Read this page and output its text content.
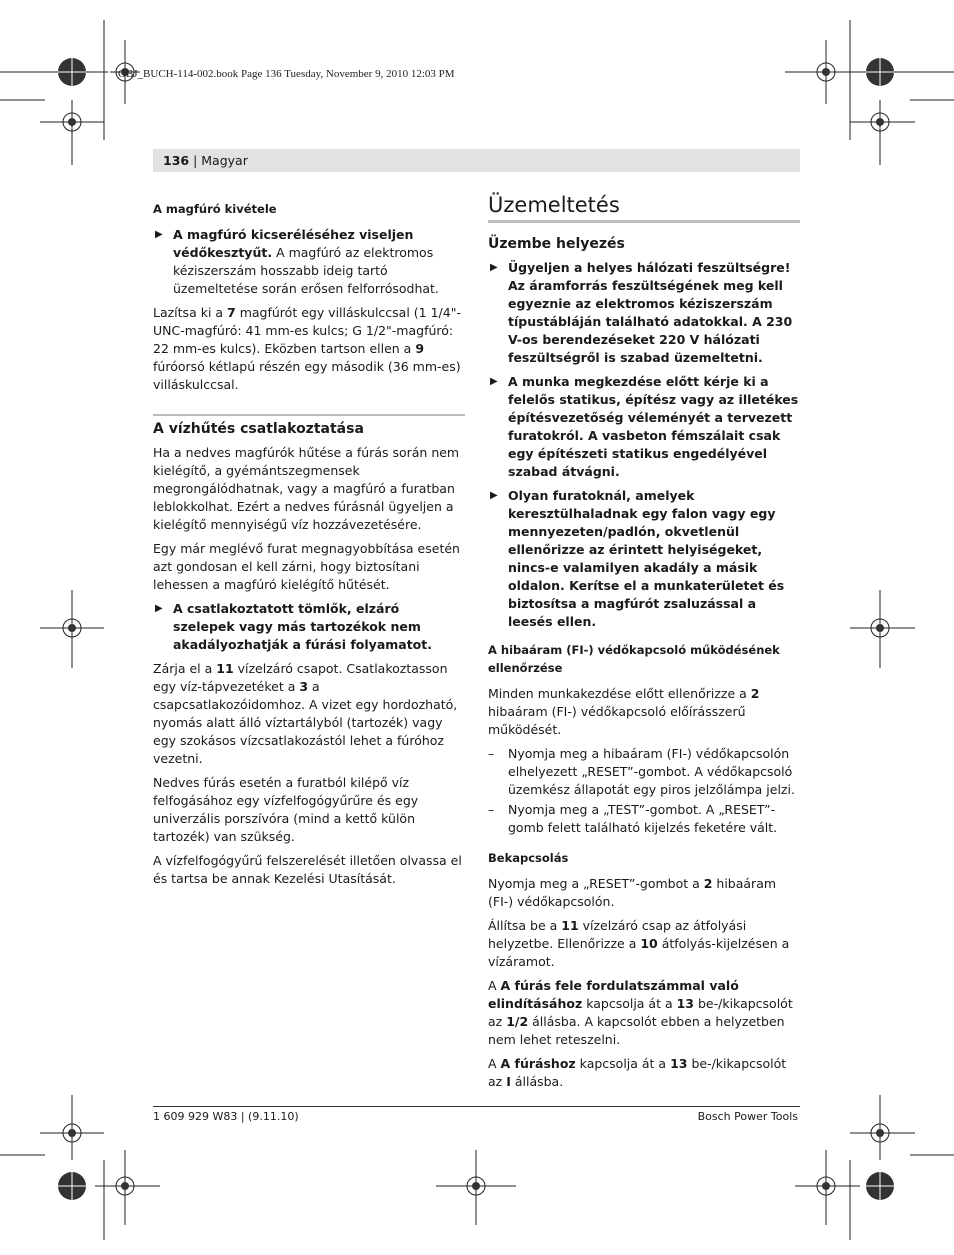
OBJ_BUCH-114-002.book Page 136 Tuesday, November 9, 2010 12:03 PM
136 | Magyar
A magfúró kivétele
▶ A magfúró kicseréléséhez viseljen védőkesztyűt. A magfúró az elektromos kéziszerszám hosszabb ideig tartó üzemeltetése során erősen felforrósodhat.

Lazítsa ki a 7 magfúrót egy villáskulccsal (1 1/4"-UNC-magfúró: 41 mm-es kulcs; G 1/2"-magfúró: 22 mm-es kulcs). Eközben tartson ellen a 9 fúróorsó kétlapú részén egy második (36 mm-es) villáskulccsal.

A vízhűtés csatlakoztatása

Ha a nedves magfúrók hűtése a fúrás során nem kielégítő, a gyémántszegmensek megrongálódhatnak, vagy a magfúró a furatban leblokkolhat. Ezért a nedves fúrásnál ügyeljen a kielégítő mennyiségű víz hozzávezetésére.

Egy már meglévő furat megnagyobbítása esetén azt gondosan el kell zárni, hogy biztosítani lehessen a magfúró kielégítő hűtését.

▶ A csatlakoztatott tömlők, elzáró szelepek vagy más tartozékok nem akadályozhatják a fúrási folyamatot.

Zárja el a 11 vízelzáró csapot. Csatlakoztasson egy víz-tápvezetéket a 3 a csapcsatlakozóidomhoz. A vizet egy hordozható, nyomás alatt álló víztartályból (tartozék) vagy egy szokásos vízcsatlakozástól lehet a fúróhoz vezetni.

Nedves fúrás esetén a furatból kilépő víz felfogásához egy vízfelfogógyűrűre és egy univerzális porszívóra (mind a kettő külön tartozék) van szükség.

A vízfelfogógyűrű felszerelését illetően olvassa el és tartsa be annak Kezelési Utasítását.

Üzemeltetés
Üzembe helyezés
▶ Ügyeljen a helyes hálózati feszültségre! Az áramforrás feszültségének meg kell egyeznie az elektromos kéziszerszám típustábláján található adatokkal. A 230 V-os berendezéseket 220 V hálózati feszültségről is szabad üzemeltetni.
▶ A munka megkezdése előtt kérje ki a felelős statikus, építész vagy az illetékes építésvezetőség véleményét a tervezett furatokról. A vasbeton fémszálait csak egy építészeti statikus engedélyével szabad átvágni.
▶ Olyan furatoknál, amelyek keresztülhaladnak egy falon vagy egy mennyezeten/padlón, okvetlenül ellenőrizze az érintett helyiségeket, nincs-e valamilyen akadály a másik oldalon. Kerítse el a munkaterületet és biztosítsa a magfúrót zsaluzással a leesés ellen.
A hibaáram (FI-) védőkapcsoló működésének ellenőrzése

Minden munkakezdése előtt ellenőrizze a 2 hibaáram (FI-) védőkapcsoló előírásszerű működését.

– Nyomja meg a hibaáram (FI-) védőkapcsolón elhelyezett „RESET”-gombot. A védőkapcsoló üzemkész állapotát egy piros jelzőlámpa jelzi.
– Nyomja meg a „TEST”-gombot. A „RESET”-gomb felett található kijelzés feketére vált.
Bekapcsolás

Nyomja meg a „RESET”-gombot a 2 hibaáram (FI-) védőkapcsolón.

Állítsa be a 11 vízelzáró csap az átfolyási helyzetbe. Ellenőrizze a 10 átfolyás-kijelzésen a vízáramot.

A A fúrás fele fordulatszámmal való elindításához kapcsolja át a 13 be-/kikapcsolót az 1/2 állásba. A kapcsolót ebben a helyzetben nem lehet reteszelni.

A A fúráshoz kapcsolja át a 13 be-/kikapcsolót az I állásba.

1 609 929 W83 | (9.11.10)	Bosch Power Tools
